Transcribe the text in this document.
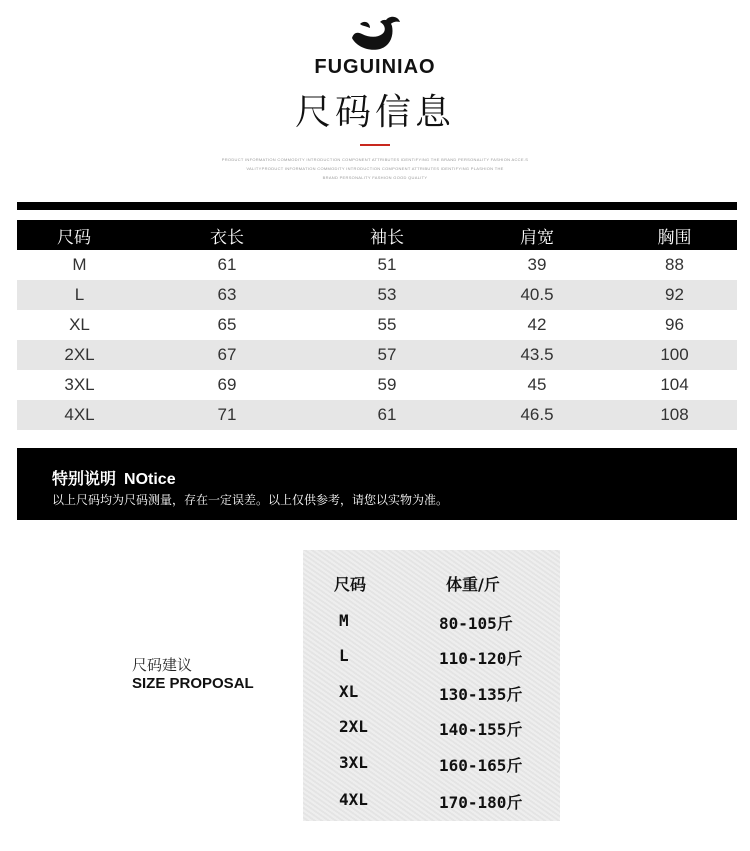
FUGUINIAO
尺码信息
PRODUCT INFORMATION COMMODITY INTRODUCTION COMPONENT ATTRIBUTES IDENTIFYING THE BRAND PERSONALITY FASHION ACCE.S
VALITYPRODUCT INFORMATION COMMODITY INTRODUCTION COMPONENT ATTRIBUTES IDENTIFYING PLASHION THE
BRAND PERSONALITY FASHION GOOD QUALITY
尺码	衣长	袖长	肩宽	胸围
M	61	51	39	88
L	63	53	40.5	92
XL	65	55	42	96
2XL	67	57	43.5	100
3XL	69	59	45	104
4XL	71	61	46.5	108
特别说明 NOtice
以上尺码均为尺码测量，存在一定误差。以上仅供参考，请您以实物为准。
尺码建议
SIZE PROPOSAL
尺码	体重/斤
M	80-105斤
L	110-120斤
XL	130-135斤
2XL	140-155斤
3XL	160-165斤
4XL	170-180斤
